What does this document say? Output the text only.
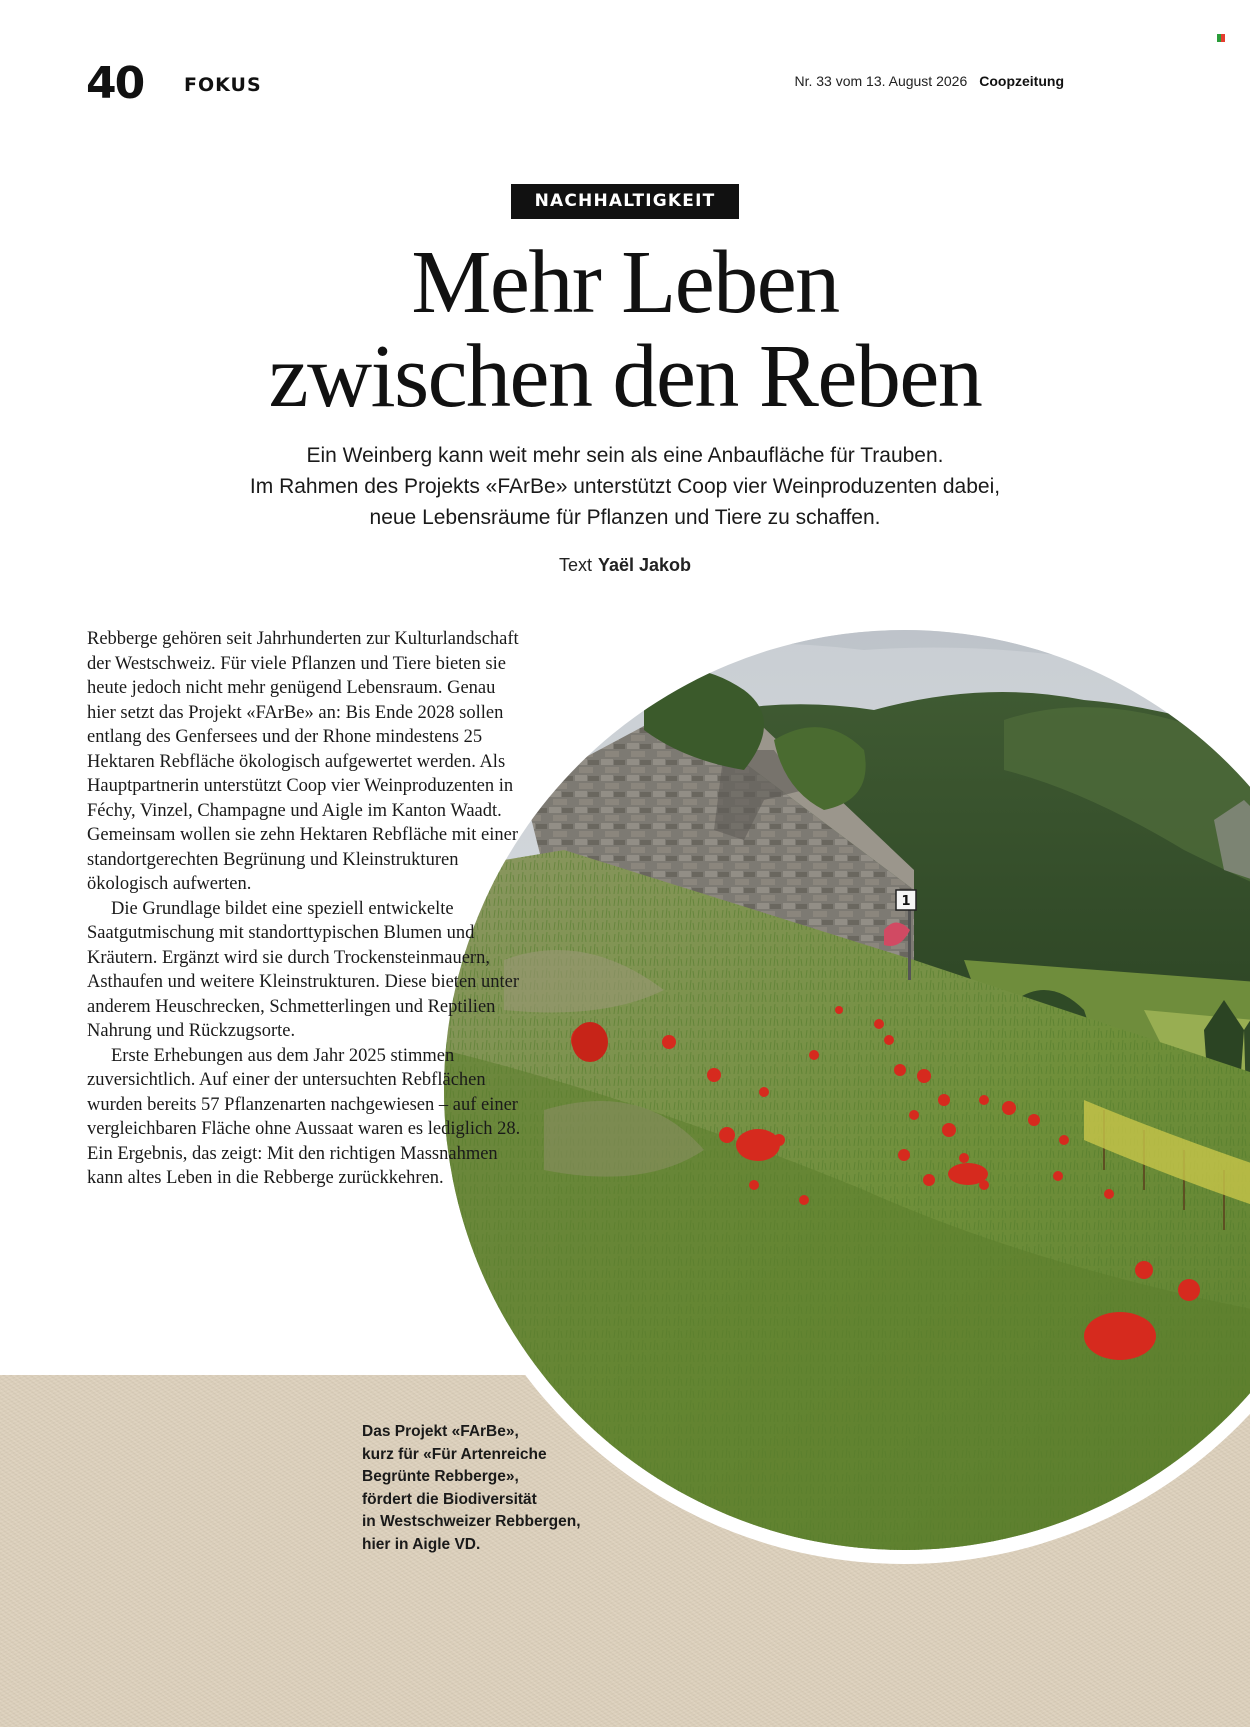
40 FOKUS	Nr. 33 vom 13. August 2026 Coopzeitung
NACHHALTIGKEIT
Mehr Leben
zwischen den Reben

Ein Weinberg kann weit mehr sein als eine Anbaufläche für Trauben.
Im Rahmen des Projekts «FArBe» unterstützt Coop vier Weinproduzenten dabei,
neue Lebensräume für Pflanzen und Tiere zu schaffen.

Text Yaël Jakob
1

Rebberge gehören seit Jahrhunderten zur Kulturlandschaft der Westschweiz. Für viele Pflanzen und Tiere bieten sie heute jedoch nicht mehr genügend Lebensraum. Genau hier setzt das Projekt «FArBe» an: Bis Ende 2028 sollen entlang des Genfersees und der Rhone mindestens 25 Hektaren Rebfläche ökologisch aufgewertet werden. Als Hauptpartnerin unterstützt Coop vier Weinproduzenten in Féchy, Vinzel, Champagne und Aigle im Kanton Waadt. Gemeinsam wollen sie zehn Hektaren Rebfläche mit einer standortgerechten Begrünung und Kleinstrukturen ökologisch aufwerten.

Die Grundlage bildet eine speziell entwickelte Saatgutmischung mit standorttypischen Blumen und Kräutern. Ergänzt wird sie durch Trockensteinmauern, Asthaufen und weitere Kleinstrukturen. Diese bieten unter anderem Heuschrecken, Schmetterlingen und Reptilien Nahrung und Rückzugsorte.

Erste Erhebungen aus dem Jahr 2025 stimmen zuversichtlich. Auf einer der untersuchten Rebflächen wurden bereits 57 Pflanzenarten nachgewiesen – auf einer vergleichbaren Fläche ohne Aussaat waren es lediglich 28. Ein Ergebnis, das zeigt: Mit den richtigen Massnahmen kann altes Leben in die Rebberge zurückkehren.

Das Projekt «FArBe»,
kurz für «Für Artenreiche
Begrünte Rebberge»,
fördert die Biodiversität
in Westschweizer Rebbergen,
hier in Aigle VD.
